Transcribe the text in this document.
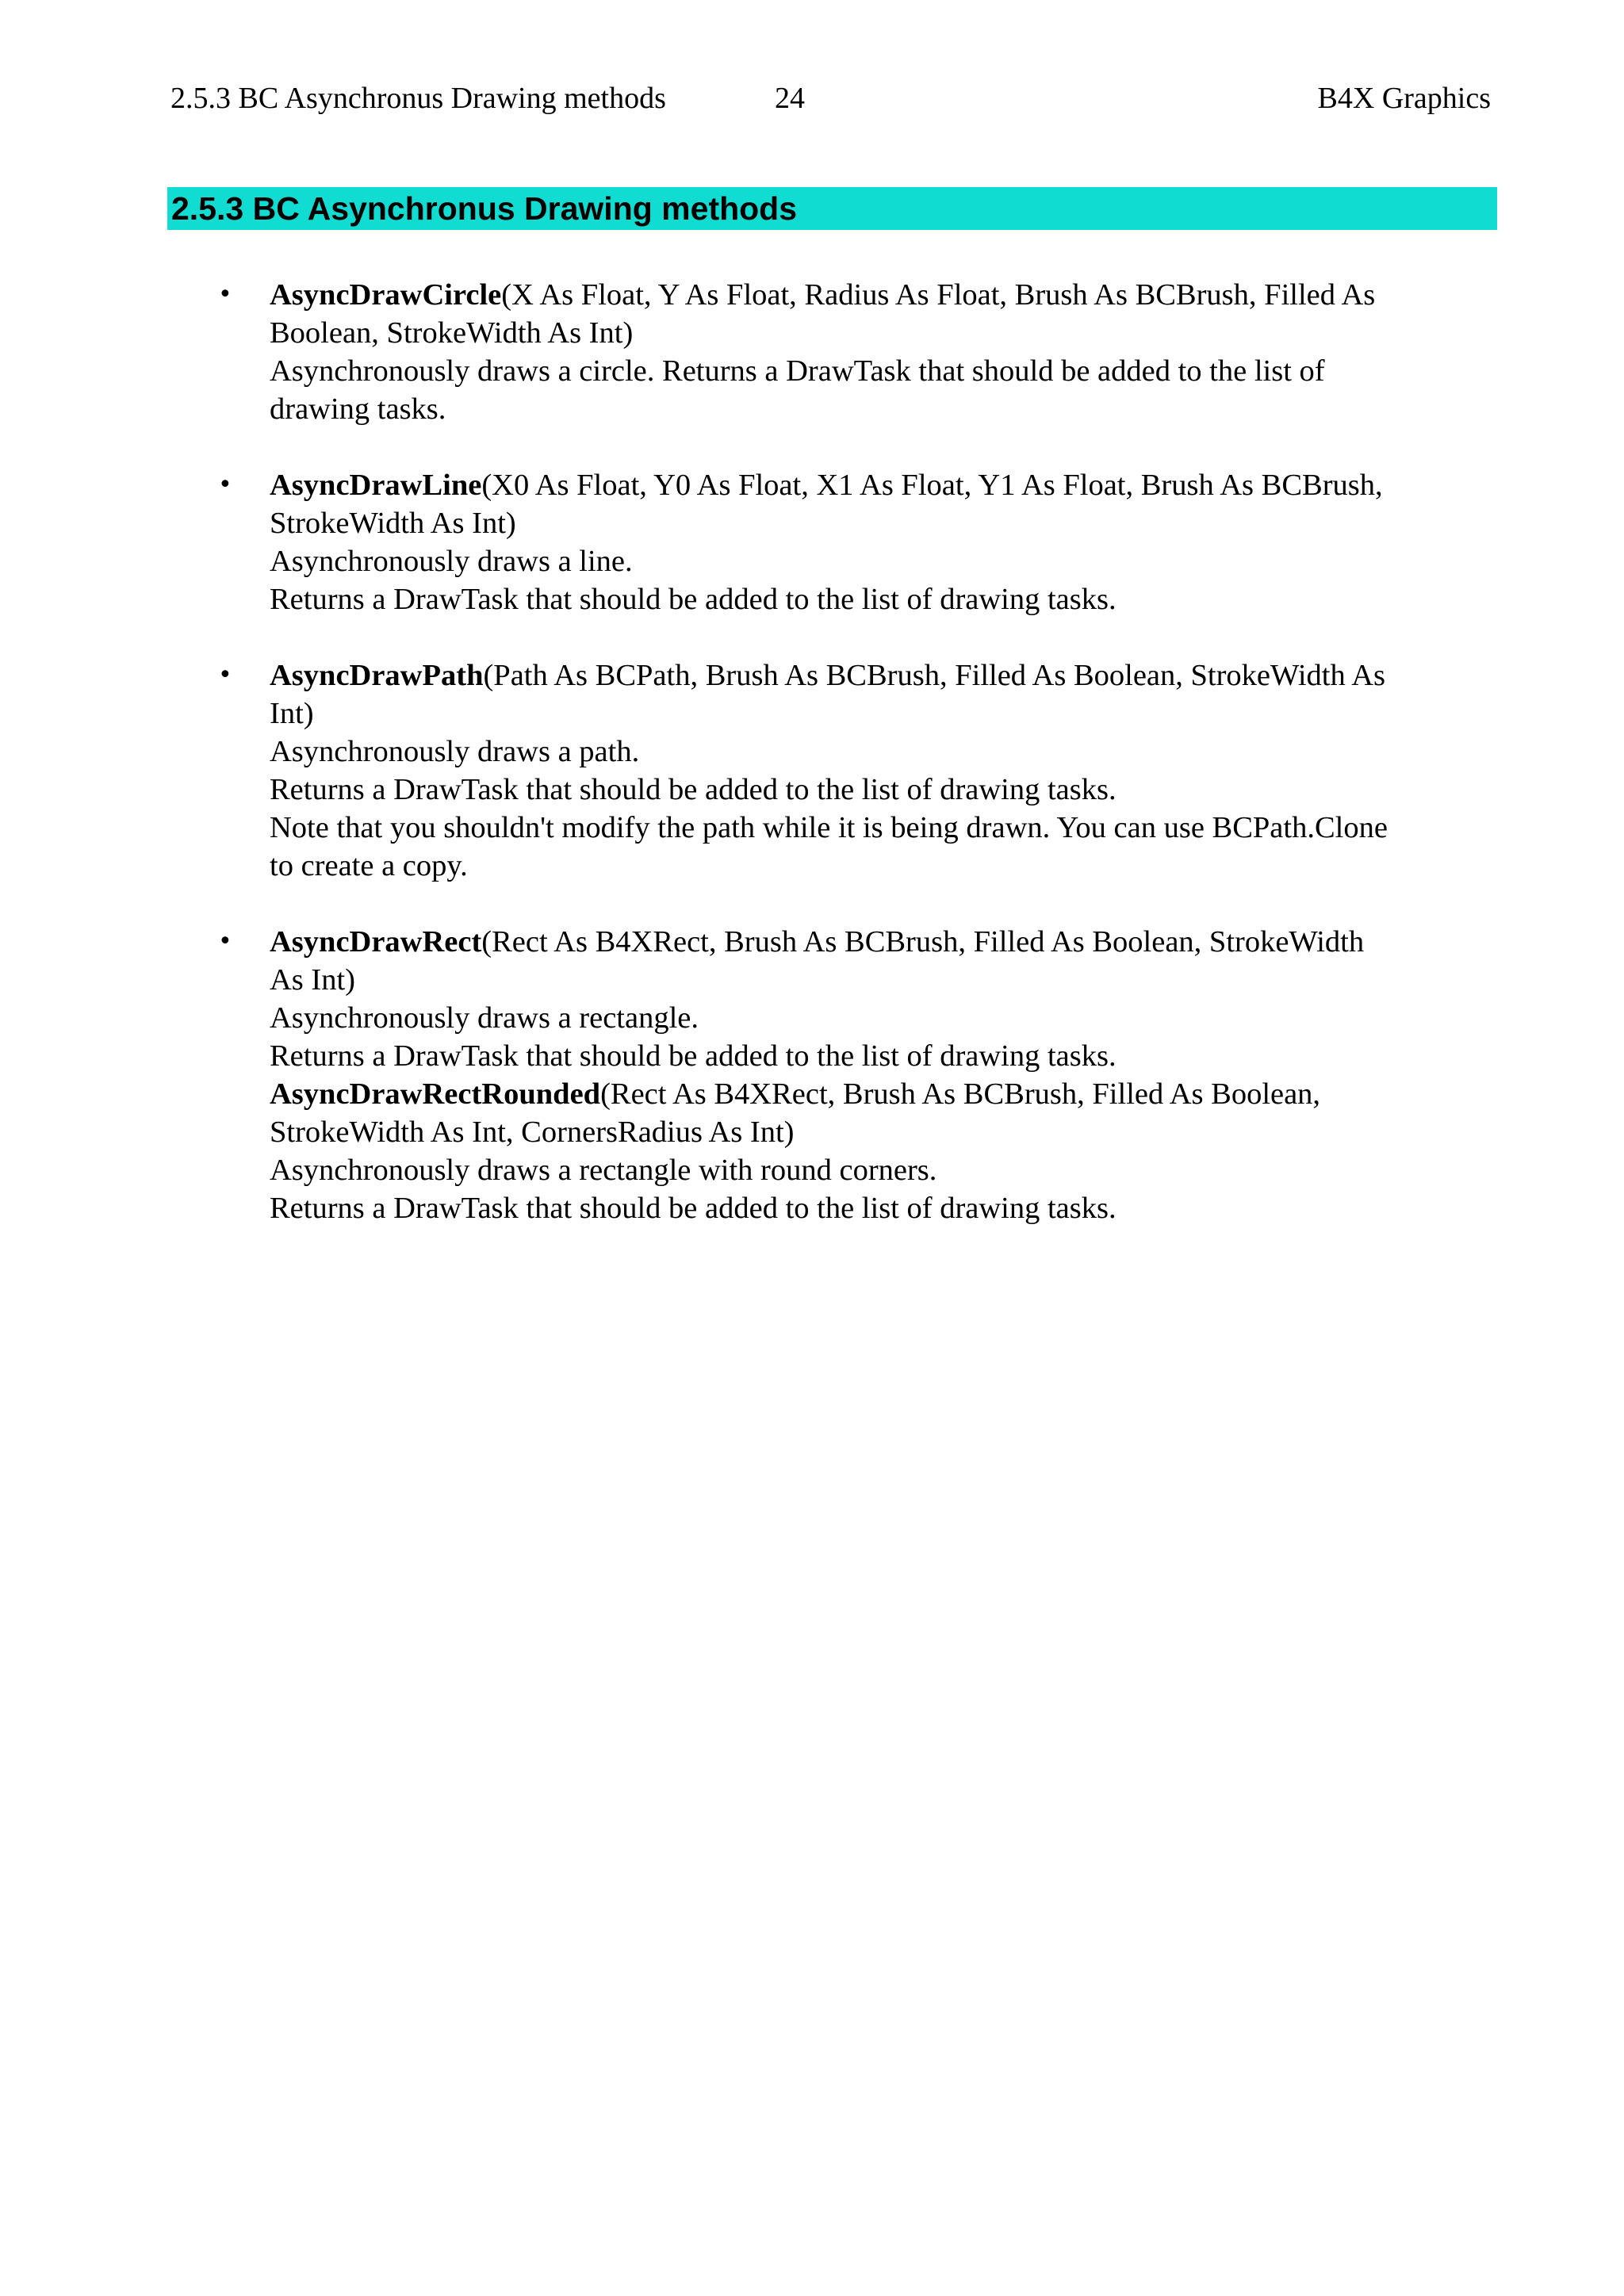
2.5.3 BC Asynchronus Drawing methods	24	B4X Graphics
2.5.3 BC Asynchronus Drawing methods
• AsyncDrawCircle(X As Float, Y As Float, Radius As Float, Brush As BCBrush, Filled As
Boolean, StrokeWidth As Int)
Asynchronously draws a circle. Returns a DrawTask that should be added to the list of
drawing tasks.
• AsyncDrawLine(X0 As Float, Y0 As Float, X1 As Float, Y1 As Float, Brush As BCBrush,
StrokeWidth As Int)
Asynchronously draws a line.
Returns a DrawTask that should be added to the list of drawing tasks.
• AsyncDrawPath(Path As BCPath, Brush As BCBrush, Filled As Boolean, StrokeWidth As
Int)
Asynchronously draws a path.
Returns a DrawTask that should be added to the list of drawing tasks.
Note that you shouldn't modify the path while it is being drawn. You can use BCPath.Clone
to create a copy.
• AsyncDrawRect(Rect As B4XRect, Brush As BCBrush, Filled As Boolean, StrokeWidth
As Int)
Asynchronously draws a rectangle.
Returns a DrawTask that should be added to the list of drawing tasks.
AsyncDrawRectRounded(Rect As B4XRect, Brush As BCBrush, Filled As Boolean,
StrokeWidth As Int, CornersRadius As Int)
Asynchronously draws a rectangle with round corners.
Returns a DrawTask that should be added to the list of drawing tasks.
